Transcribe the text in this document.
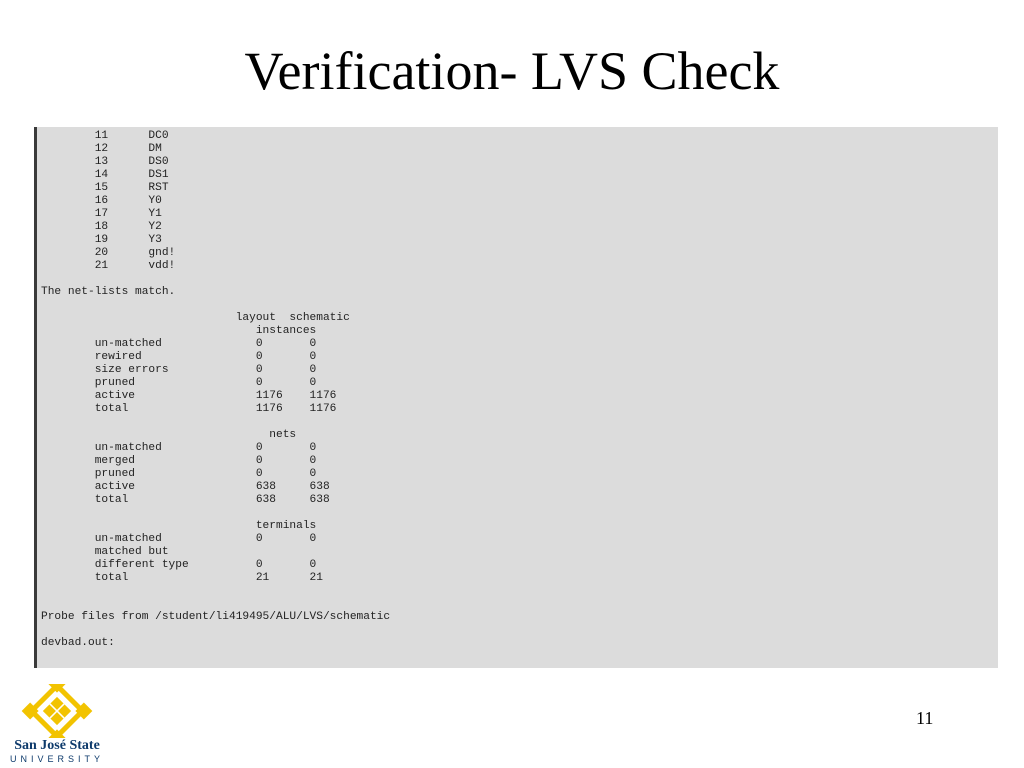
Verification- LVS Check
11      DC0
12      DM
13      DS0
14      DS1
15      RST
16      Y0
17      Y1
18      Y2
19      Y3
20      gnd!
21      vdd!
The net-lists match.
layout  schematic
instances
un-matched              0       0
rewired                 0       0
size errors             0       0
pruned                  0       0
active                  1176    1176
total                   1176    1176
nets
un-matched              0       0
merged                  0       0
pruned                  0       0
active                  638     638
total                   638     638
terminals
un-matched              0       0
matched but
different type          0       0
total                   21      21
Probe files from /student/li419495/ALU/LVS/schematic
devbad.out:
San José State
UNIVERSITY
11
